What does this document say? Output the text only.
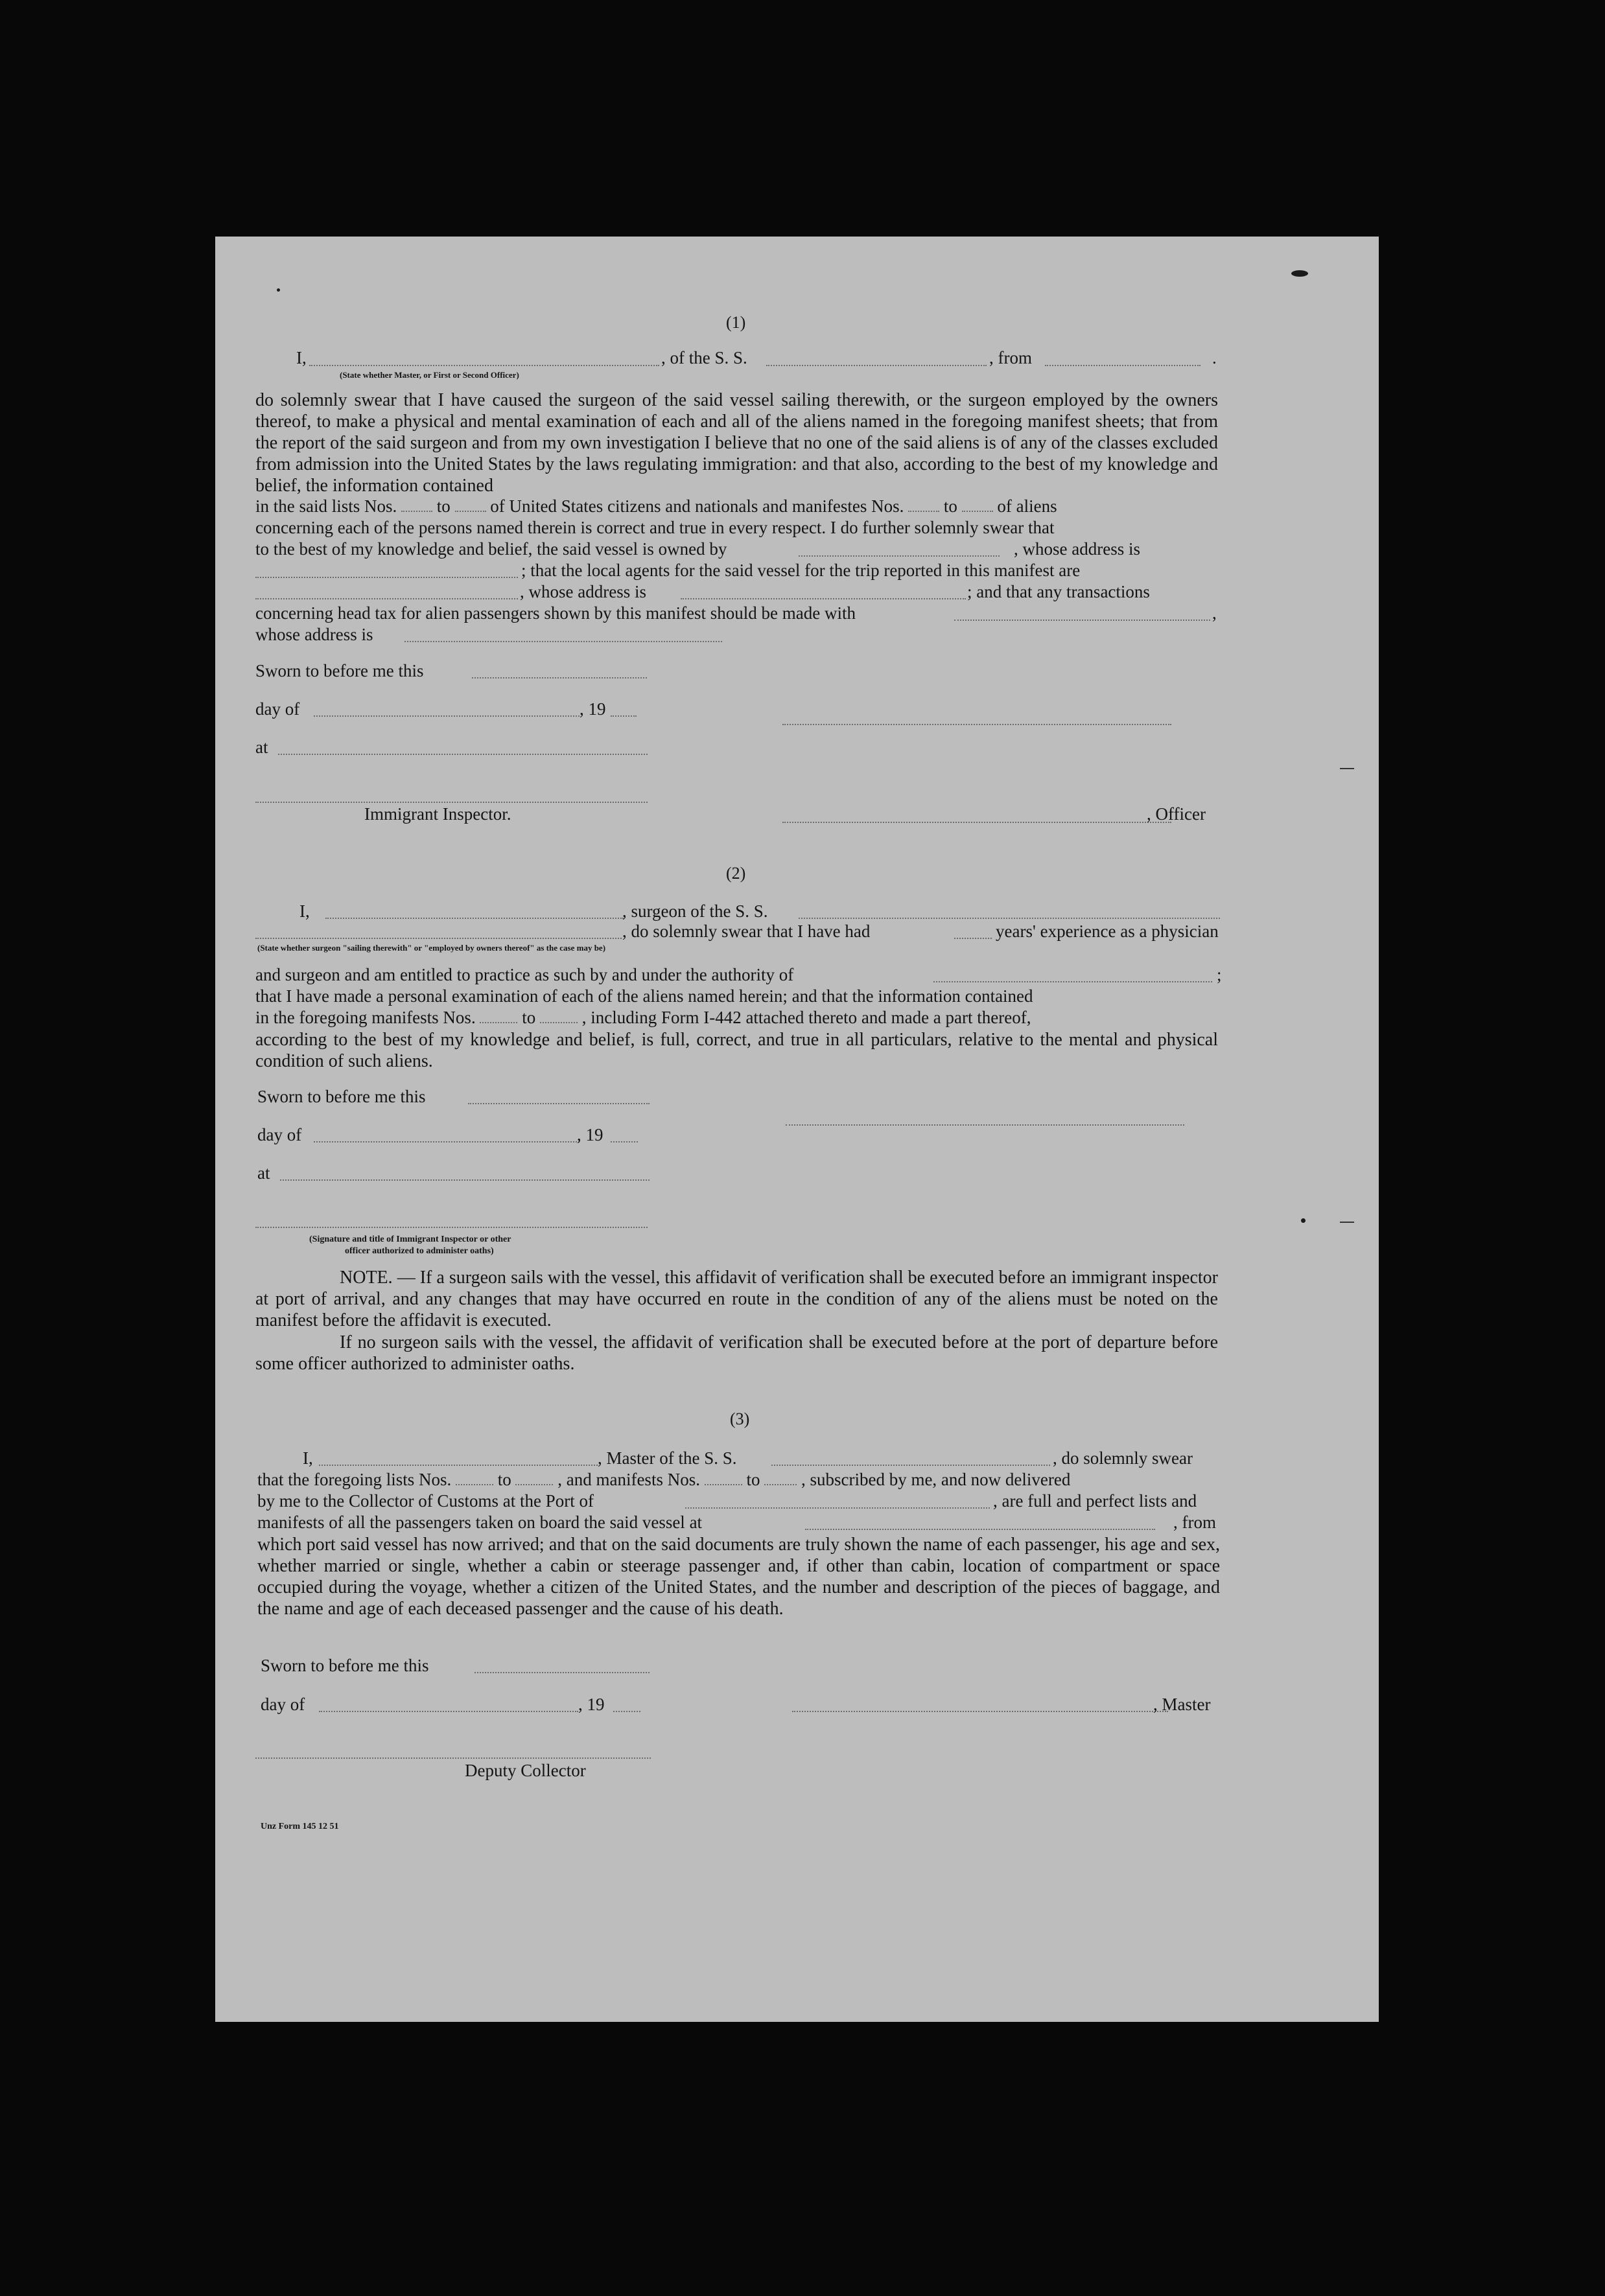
(1)
I,	, of the S. S.	, from	.
(State whether Master, or First or Second Officer)
do solemnly swear that I have caused the surgeon of the said vessel sailing therewith, or the surgeon employed by the owners thereof, to make a physical and mental examination of each and all of the aliens named in the foregoing manifest sheets; that from the report of the said surgeon and from my own investigation I believe that no one of the said aliens is of any of the classes excluded from admission into the United States by the laws regulating immigration: and that also, according to the best of my knowledge and belief, the information contained
in the said lists Nos. to of United States citizens and nationals and manifestes Nos. to of aliens
concerning each of the persons named therein is correct and true in every respect. I do further solemnly swear that
to the best of my knowledge and belief, the said vessel is owned by	, whose address is
; that the local agents for the said vessel for the trip reported in this manifest are
, whose address is	; and that any transactions
concerning head tax for alien passengers shown by this manifest should be made with	,
whose address is
Sworn to before me this
day of	, 19
at
Immigrant Inspector.	, Officer
(2)
I,	, surgeon of the S. S.
, do solemnly swear that I have had	years' experience as a physician
(State whether surgeon "sailing therewith" or "employed by owners thereof" as the case may be)
and surgeon and am entitled to practice as such by and under the authority of	;
that I have made a personal examination of each of the aliens named herein; and that the information contained
in the foregoing manifests Nos.	to	, including Form I-442 attached thereto and made a part thereof,
according to the best of my knowledge and belief, is full, correct, and true in all particulars, relative to the mental and physical condition of such aliens.
Sworn to before me this
day of	, 19
at
(Signature and title of Immigrant Inspector or other
officer authorized to administer oaths)
NOTE. — If a surgeon sails with the vessel, this affidavit of verification shall be executed before an immigrant inspector at port of arrival, and any changes that may have occurred en route in the condition of any of the aliens must be noted on the manifest before the affidavit is executed.
If no surgeon sails with the vessel, the affidavit of verification shall be executed before at the port of departure before some officer authorized to administer oaths.
(3)
I,	, Master of the S. S.	, do solemnly swear
that the foregoing lists Nos.	to	, and manifests Nos.	to , subscribed by me, and now delivered
by me to the Collector of Customs at the Port of	, are full and perfect lists and
manifests of all the passengers taken on board the said vessel at	, from
which port said vessel has now arrived; and that on the said documents are truly shown the name of each passenger, his age and sex, whether married or single, whether a cabin or steerage passenger and, if other than cabin, location of compartment or space occupied during the voyage, whether a citizen of the United States, and the number and description of the pieces of baggage, and the name and age of each deceased passenger and the cause of his death.
Sworn to before me this
day of	, 19	, Master
Deputy Collector
Unz Form 145 12 51
